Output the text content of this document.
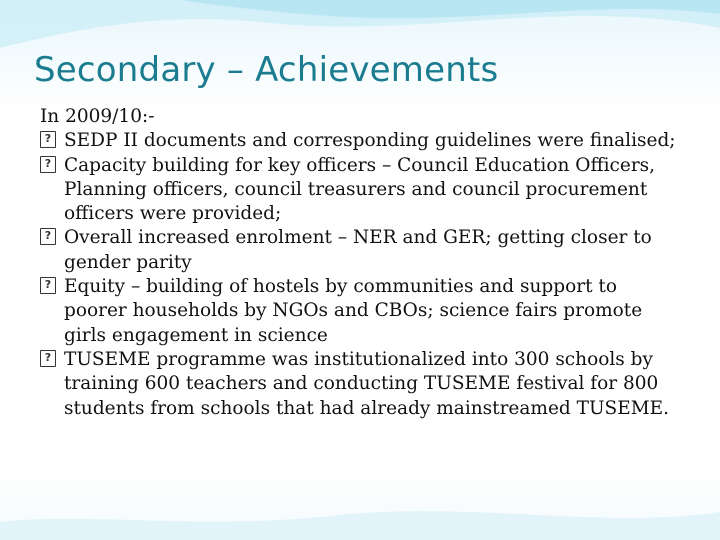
Secondary – Achievements

In 2009/10:-

?SEDP II documents and corresponding guidelines were finalised;
?Capacity building for key officers – Council Education Officers, Planning officers, council treasurers and council procurement officers were provided;
?Overall increased enrolment – NER and GER; getting closer to gender parity
?Equity – building of hostels by communities and support to poorer households by NGOs and CBOs; science fairs promote girls engagement in science
?TUSEME programme was institutionalized into 300 schools by training 600 teachers and conducting TUSEME festival for 800 students from schools that had already mainstreamed TUSEME.
